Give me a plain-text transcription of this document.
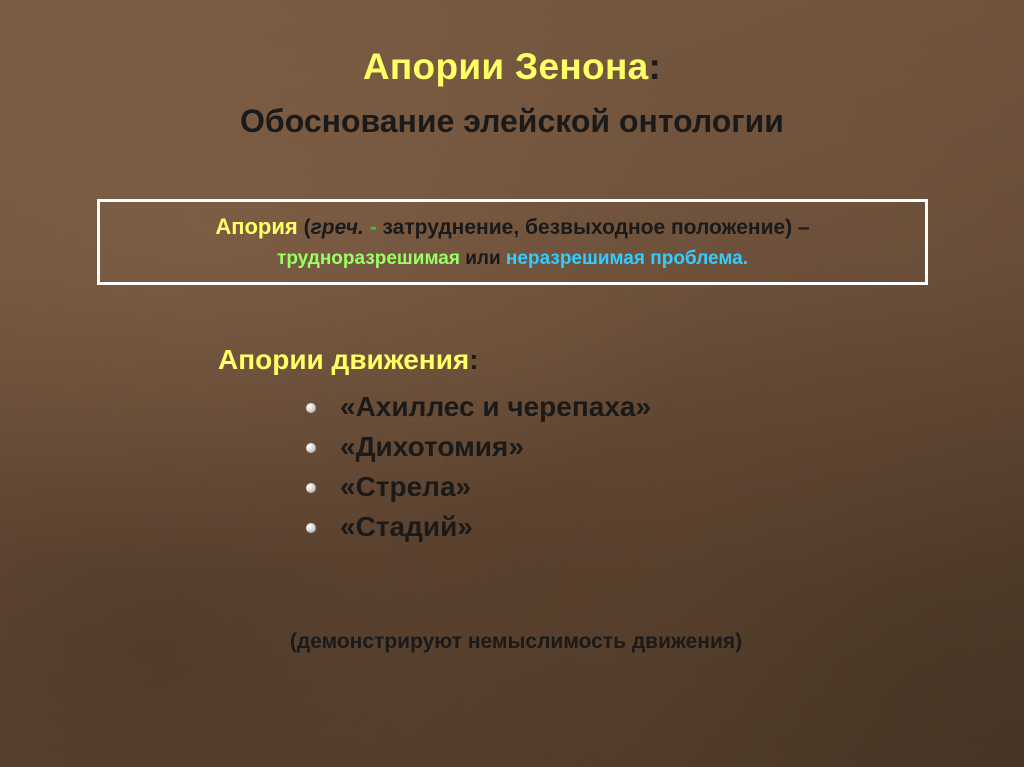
Апории Зенона:
Обоснование элейской онтологии
Апория (греч. - затруднение, безвыходное положение) –
трудноразрешимая или неразрешимая проблема.
Апории движения:
«Ахиллес и черепаха»
«Дихотомия»
«Стрела»
«Стадий»
(демонстрируют немыслимость движения)
